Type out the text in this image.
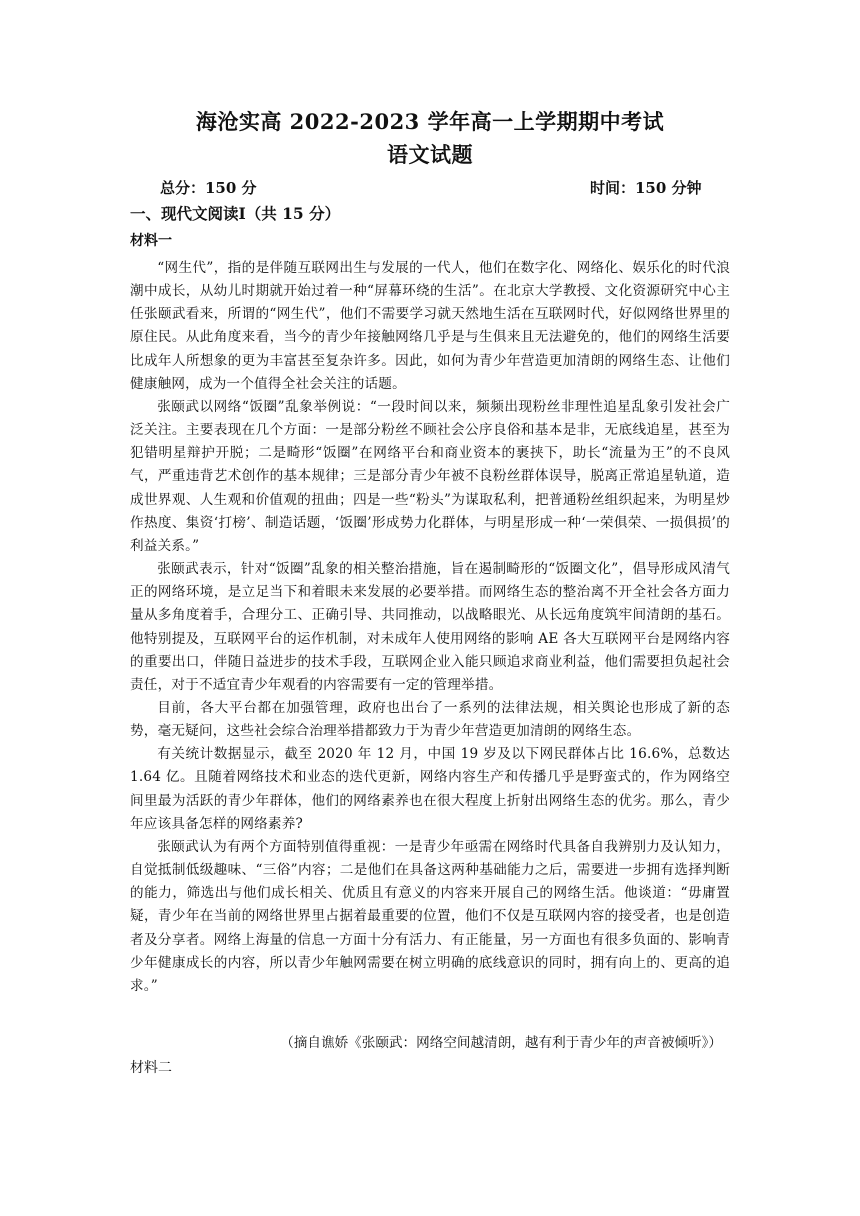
海沧实高 2022-2023 学年高一上学期期中考试
语文试题
总分：150 分	时间：150 分钟
一、现代文阅读Ⅰ（共 15 分）
材料一

“网生代”，指的是伴随互联网出生与发展的一代人，他们在数字化、网络化、娱乐化的时代浪潮中成长，从幼儿时期就开始过着一种“屏幕环绕的生活”。在北京大学教授、文化资源研究中心主任张颐武看来，所谓的“网生代”，他们不需要学习就天然地生活在互联网时代，好似网络世界里的原住民。从此角度来看，当今的青少年接触网络几乎是与生俱来且无法避免的，他们的网络生活要比成年人所想象的更为丰富甚至复杂许多。因此，如何为青少年营造更加清朗的网络生态、让他们健康触网，成为一个值得全社会关注的话题。

张颐武以网络“饭圈”乱象举例说：“一段时间以来，频频出现粉丝非理性追星乱象引发社会广泛关注。主要表现在几个方面：一是部分粉丝不顾社会公序良俗和基本是非，无底线追星，甚至为犯错明星辩护开脱；二是畸形“饭圈”在网络平台和商业资本的裹挟下，助长“流量为王”的不良风气，严重违背艺术创作的基本规律；三是部分青少年被不良粉丝群体误导，脱离正常追星轨道，造成世界观、人生观和价值观的扭曲；四是一些“粉头”为谋取私利，把普通粉丝组织起来，为明星炒作热度、集资‘打榜’、制造话题，‘饭圈’形成势力化群体，与明星形成一种‘一荣俱荣、一损俱损’的利益关系。”

张颐武表示，针对“饭圈”乱象的相关整治措施，旨在遏制畸形的“饭圈文化”，倡导形成风清气正的网络环境，是立足当下和着眼未来发展的必要举措。而网络生态的整治离不开全社会各方面力量从多角度着手，合理分工、正确引导、共同推动，以战略眼光、从长远角度筑牢间清朗的基石。他特别提及，互联网平台的运作机制，对未成年人使用网络的影响 AE 各大互联网平台是网络内容的重要出口，伴随日益进步的技术手段，互联网企业入能只顾追求商业利益，他们需要担负起社会责任，对于不适宜青少年观看的内容需要有一定的管理举措。

目前，各大平台都在加强管理，政府也出台了一系列的法律法规，相关舆论也形成了新的态势，毫无疑问，这些社会综合治理举措都致力于为青少年营造更加清朗的网络生态。

有关统计数据显示，截至 2020 年 12 月，中国 19 岁及以下网民群体占比 16.6%，总数达 1.64 亿。且随着网络技术和业态的迭代更新，网络内容生产和传播几乎是野蛮式的，作为网络空间里最为活跃的青少年群体，他们的网络素养也在很大程度上折射出网络生态的优劣。那么，青少年应该具备怎样的网络素养?

张颐武认为有两个方面特别值得重视：一是青少年亟需在网络时代具备自我辨别力及认知力，自觉抵制低级趣味、“三俗”内容；二是他们在具备这两种基础能力之后，需要进一步拥有选择判断的能力，筛选出与他们成长相关、优质且有意义的内容来开展自己的网络生活。他谈道：“毋庸置疑，青少年在当前的网络世界里占据着最重要的位置，他们不仅是互联网内容的接受者，也是创造者及分享者。网络上海量的信息一方面十分有活力、有正能量，另一方面也有很多负面的、影响青少年健康成长的内容，所以青少年触网需要在树立明确的底线意识的同时，拥有向上的、更高的追求。”

（摘自谯娇《张颐武：网络空间越清朗，越有利于青少年的声音被倾听》）
材料二
